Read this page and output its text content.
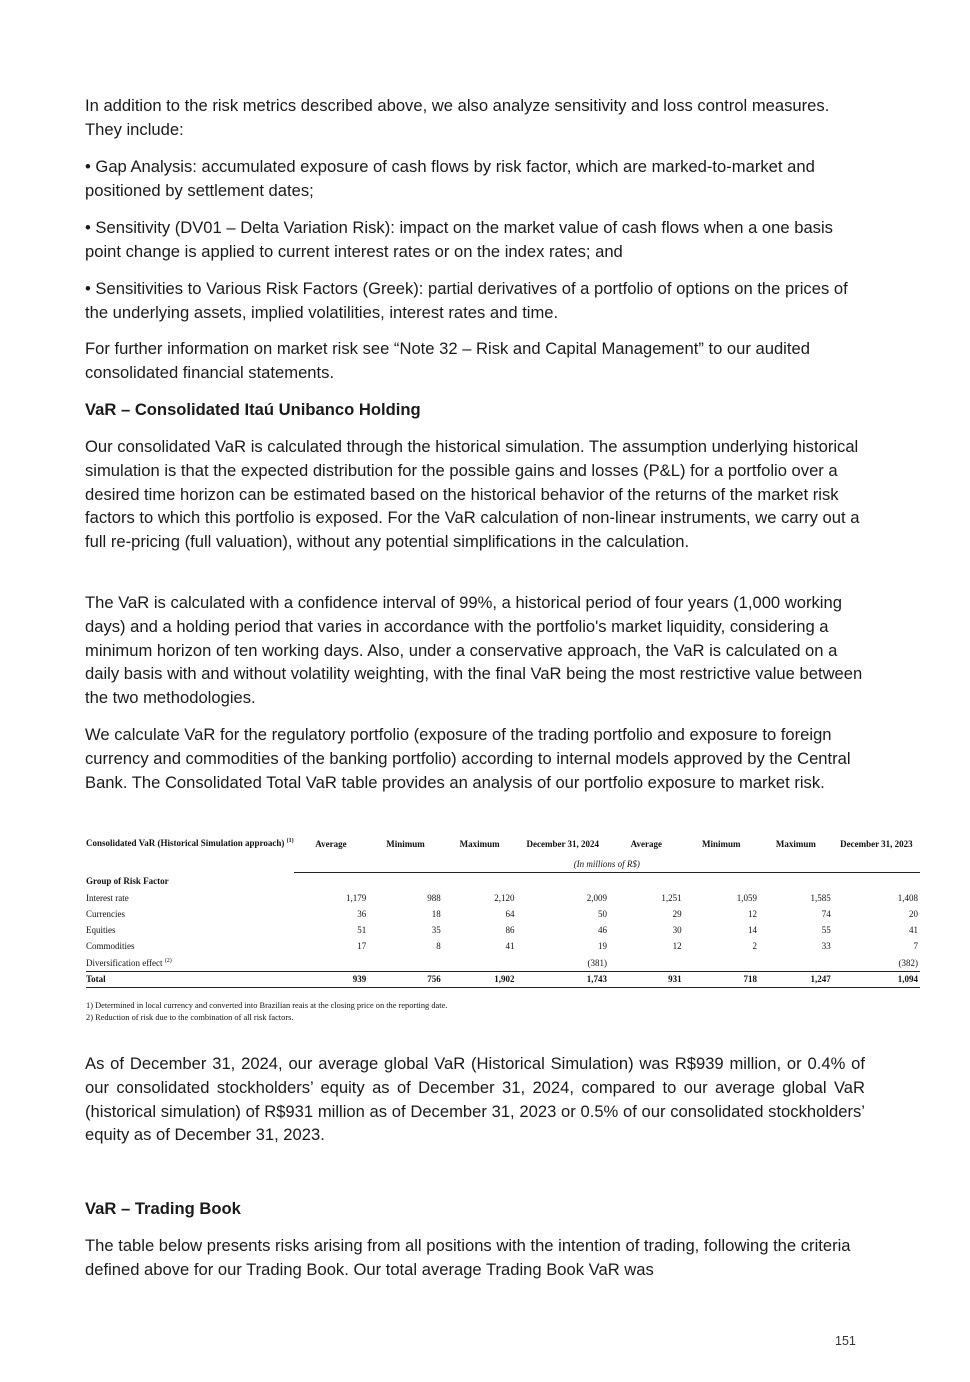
In addition to the risk metrics described above, we also analyze sensitivity and loss control measures. They include:

• Gap Analysis: accumulated exposure of cash flows by risk factor, which are marked-to-market and positioned by settlement dates;

• Sensitivity (DV01 – Delta Variation Risk): impact on the market value of cash flows when a one basis point change is applied to current interest rates or on the index rates; and

• Sensitivities to Various Risk Factors (Greek): partial derivatives of a portfolio of options on the prices of the underlying assets, implied volatilities, interest rates and time.

For further information on market risk see “Note 32 – Risk and Capital Management” to our audited consolidated financial statements.

VaR – Consolidated Itaú Unibanco Holding

Our consolidated VaR is calculated through the historical simulation. The assumption underlying historical simulation is that the expected distribution for the possible gains and losses (P&L) for a portfolio over a desired time horizon can be estimated based on the historical behavior of the returns of the market risk factors to which this portfolio is exposed. For the VaR calculation of non-linear instruments, we carry out a full re-pricing (full valuation), without any potential simplifications in the calculation.

The VaR is calculated with a confidence interval of 99%, a historical period of four years (1,000 working days) and a holding period that varies in accordance with the portfolio's market liquidity, considering a minimum horizon of ten working days. Also, under a conservative approach, the VaR is calculated on a daily basis with and without volatility weighting, with the final VaR being the most restrictive value between the two methodologies.

We calculate VaR for the regulatory portfolio (exposure of the trading portfolio and exposure to foreign currency and commodities of the banking portfolio) according to internal models approved by the Central Bank. The Consolidated Total VaR table provides an analysis of our portfolio exposure to market risk.

Consolidated VaR (Historical Simulation approach) $^{(1)}$	Average	Minimum	Maximum	December 31, 2024	Average	Minimum	Maximum	December 31, 2023
	(In millions of R$)							
Group of Risk Factor								
Interest rate	1,179	988	2,120	2,009	1,251	1,059	1,585	1,408
Currencies	36	18	64	50	29	12	74	20
Equities	51	35	86	46	30	14	55	41
Commodities	17	8	41	19	12	2	33	7
Diversification effect $^{(2)}$				(381)				(382)
Total	939	756	1,902	1,743	931	718	1,247	1,094
1) Determined in local currency and converted into Brazilian reais at the closing price on the reporting date.
2) Reduction of risk due to the combination of all risk factors.

As of December 31, 2024, our average global VaR (Historical Simulation) was R$939 million, or 0.4% of our consolidated stockholders’ equity as of December 31, 2024, compared to our average global VaR (historical simulation) of R$931 million as of December 31, 2023 or 0.5% of our consolidated stockholders’ equity as of December 31, 2023.

VaR – Trading Book

The table below presents risks arising from all positions with the intention of trading, following the criteria defined above for our Trading Book. Our total average Trading Book VaR was

151
